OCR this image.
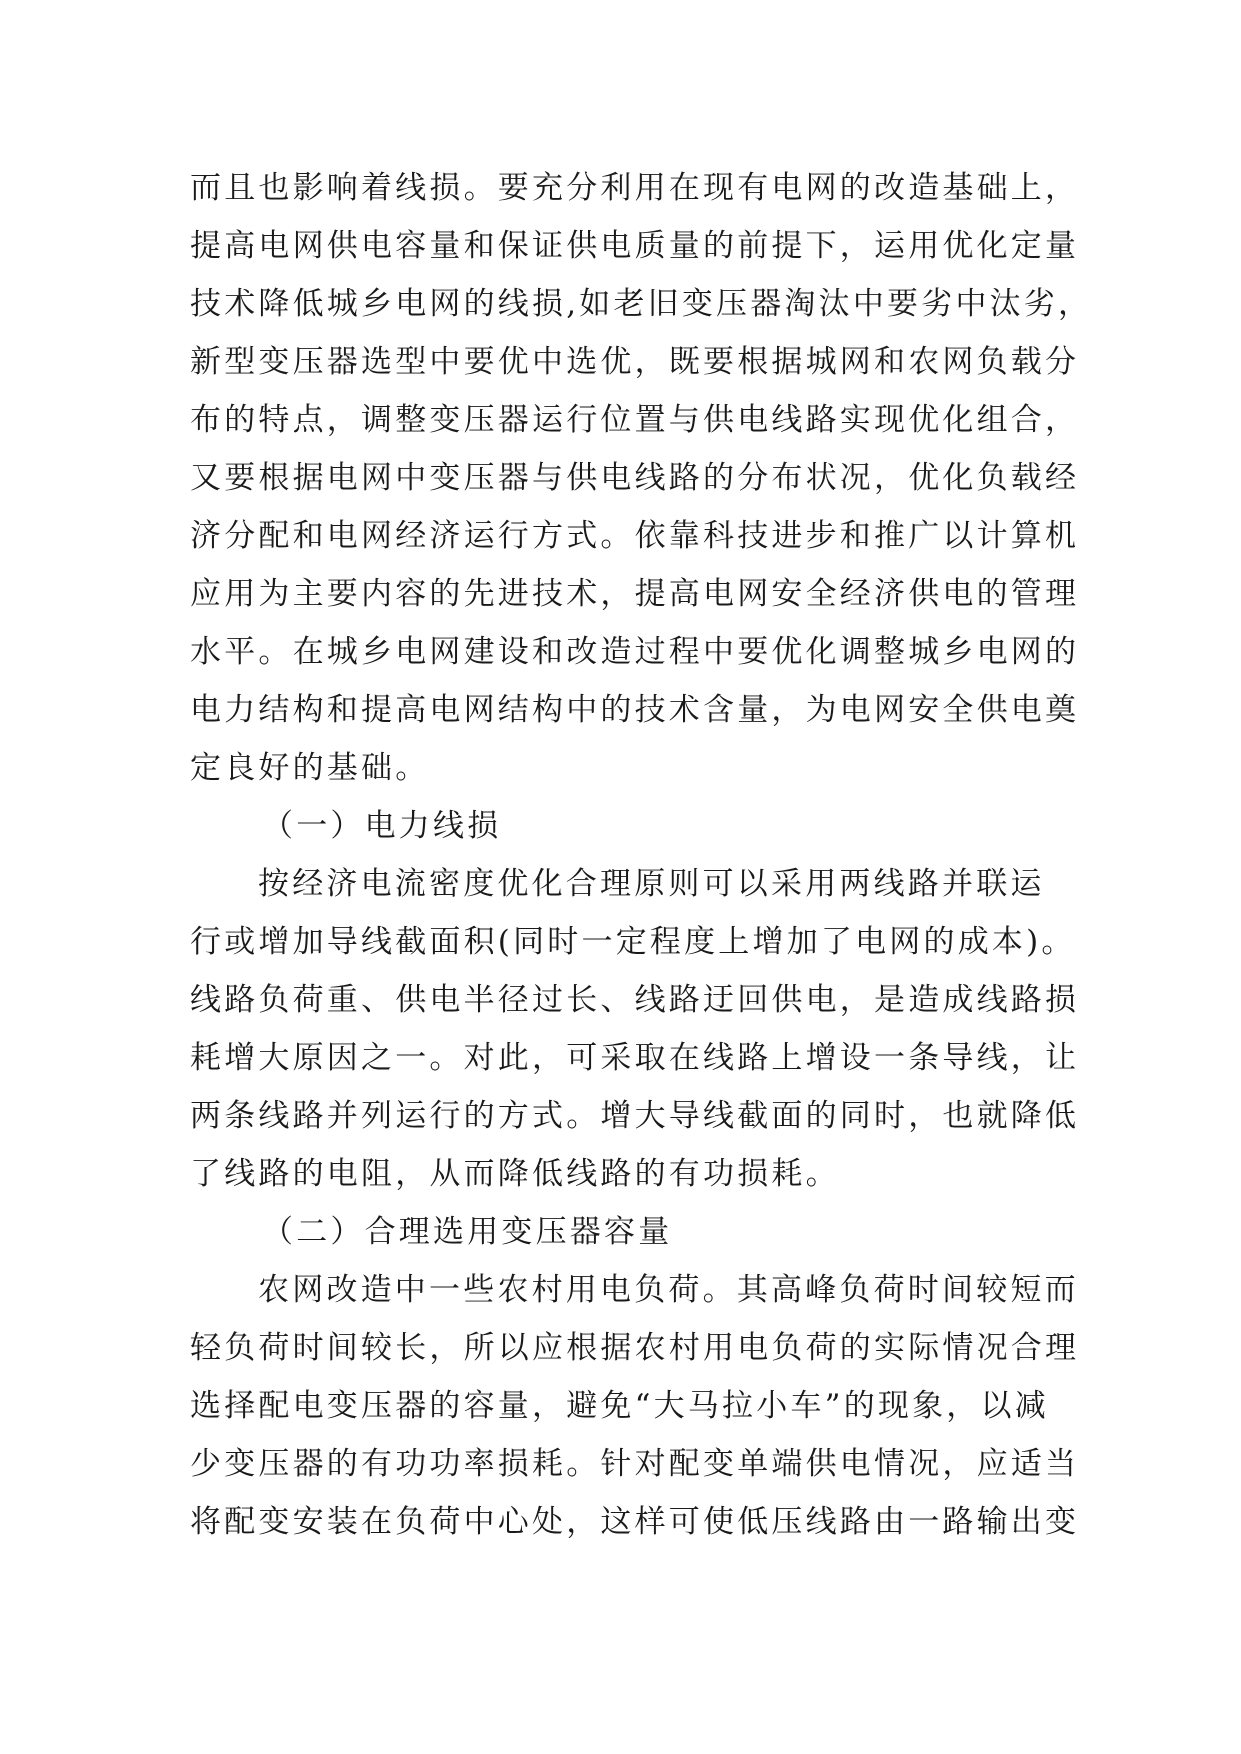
而且也影响着线损。要充分利用在现有电网的改造基础上，
提高电网供电容量和保证供电质量的前提下，运用优化定量
技术降低城乡电网的线损,如老旧变压器淘汰中要劣中汰劣，
新型变压器选型中要优中选优，既要根据城网和农网负载分
布的特点，调整变压器运行位置与供电线路实现优化组合，
又要根据电网中变压器与供电线路的分布状况，优化负载经
济分配和电网经济运行方式。依靠科技进步和推广以计算机
应用为主要内容的先进技术，提高电网安全经济供电的管理
水平。在城乡电网建设和改造过程中要优化调整城乡电网的
电力结构和提高电网结构中的技术含量，为电网安全供电奠
定良好的基础。
（一）电力线损
按经济电流密度优化合理原则可以采用两线路并联运
行或增加导线截面积(同时一定程度上增加了电网的成本)。
线路负荷重、供电半径过长、线路迂回供电，是造成线路损
耗增大原因之一。对此，可采取在线路上增设一条导线，让
两条线路并列运行的方式。增大导线截面的同时，也就降低
了线路的电阻，从而降低线路的有功损耗。
（二）合理选用变压器容量
农网改造中一些农村用电负荷。其高峰负荷时间较短而
轻负荷时间较长，所以应根据农村用电负荷的实际情况合理
选择配电变压器的容量，避免“大马拉小车”的现象，以减
少变压器的有功功率损耗。针对配变单端供电情况，应适当
将配变安装在负荷中心处，这样可使低压线路由一路输出变
